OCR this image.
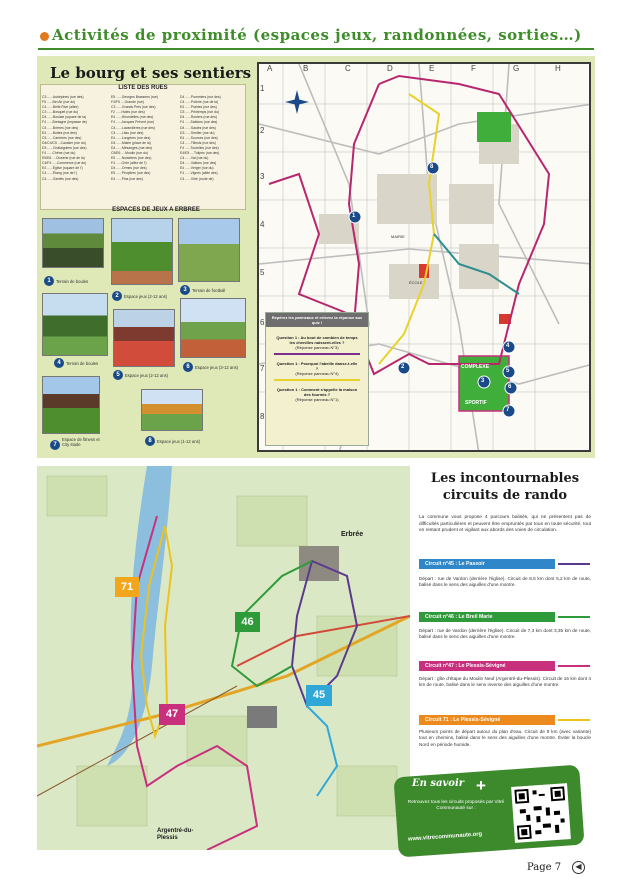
Activités de proximité (espaces jeux, randonnées, sorties…)
Le bourg et ses sentiers
LISTE DES RUES
C3 ......Aubépines (rue des)
F5 ......Bel Air (rue du)
C4 ......Belle Rive (allée)
C3 ......Bosquet (rue du)
D4 ......Boulaie (square de la)
F4 ......Bretagne (impasse de)
C4 ......Brières (rue des)
E4 ......Buttes (rue des)
C5 ......Carrières (rue des)
D4/C4/C5 ...Cavalier (rue du)
D3 ......Châtaigniers (rue des)
F4 ......Chêne (rue du)
E5/E6 ....Closerie (rue de la)
C4/F4 .....Commerce (rue du)
E4 ......Église (square de l')
C4 ......Étang (rue de l')
C4 ......Genêts (rue des)
E5 ......Georges Brassens (rue)
F4/F5 ....Grande (rue)
C3 ......Grands Prés (rue des)
F2 ......Haies (rue des)
E4 ......Hirondelles (rue des)
F4 ......Jacques Prévert (rue)
C4 ......Lavandières (rue des)
C4 ......Lilas (rue des)
E4 ......Longères (rue des)
D4 ......Mairie (place de la)
D4 ......Mésanges (rue des)
C5/E6 ....Moulin (rue du)
E5 ......Noisetiers (rue des)
F4 ......Orée (allée de l')
D4 ......Ormes (rue des)
E5 ......Peupliers (rue des)
E4 ......Pins (rue des)
D4 ......Pommiers (rue des)
C4 ......Poterie (rue de la)
E4 ......Prairies (rue des)
C5 ......Printemps (rue du)
D4 ......Rosiers (rue des)
F4 ......Sablons (rue des)
D4 ......Saules (rue des)
D3 ......Sentier (rue du)
E4 ......Sources (rue des)
C4 ......Tilleuls (rue des)
F4 ......Tourelles (rue des)
E4/E5 ....Tulipes (rue des)
C4 ......Val (rue du)
D4 ......Vallons (rue des)
E4 ......Verger (rue du)
F4 ......Vignes (allée des)
C4 ......Vitré (route de)
ESPACES DE JEUX A ERBREE
1	Terrain de boules
2	Espace jeux (2-12 ans)
3	Terrain de football
4	Terrain de boules
5	Espace jeux (2-12 ans)
6	Espace jeux (3-12 ans)
7
Espace de fitness et City stade
8	Espace jeux (1-12 ans)
A	B	C	D	E	F	G	H
1
2
3
4
5
6
7
8
COMPLEXE
SPORTIF
ÉCOLE
MAIRIE
1
2
3
4
5
6
7
8
Repérez les panneaux et relevez la réponse aux quiz !
Question 1 : Au bout de combien de temps les chenilles naissent-elles ?
(Réponse panneau N°3)
Question 1 : Pourquoi l'abeille danse-t-elle ?
(Réponse panneau N°4)
Question 1 : Comment s'appelle la maison des fourmis ?
(Réponse panneau N°1)
71
46
45
47
Erbrée
Argentré-du-Plessis
Les incontournables circuits de rando
La commune vous propose 4 parcours balisés, qui ne présentent pas de difficultés particulières et peuvent être empruntés par tous en toute sécurité, tout en restant prudent et vigilant aux abords des voies de circulation.
Circuit n°45 : Le Passoir
Départ : rue de Vardon (derrière l'église). Circuit de 8,5 km dont 5,2 km de route, balisé dans le sens des aiguilles d'une montre.
Circuit n°46 : Le Breil Marie
Départ : rue de Vardon (derrière l'église). Circuit de 7,3 km dont 3,35 km de route, balisé dans le sens des aiguilles d'une montre.
Circuit n°47 : Le Plessis-Sévigné
Départ : gîte d'étape du Moulin Neuf (Argentré-du-Plessis). Circuit de 16 km dont 4 km de route, balisé dans le sens inverse des aiguilles d'une montre.
Circuit 71 : Le Plessis-Sévigné
Plusieurs points de départ autour du plan d'eau. Circuit de 9 km (avec variante) tout en chemins, balisé dans le sens des aiguilles d'une montre. Éviter la boucle Nord en période humide.
En savoir +
Retrouvez tous les circuits proposés par Vitré Communauté sur :
www.vitrecommunaute.org
Page 7	◀
